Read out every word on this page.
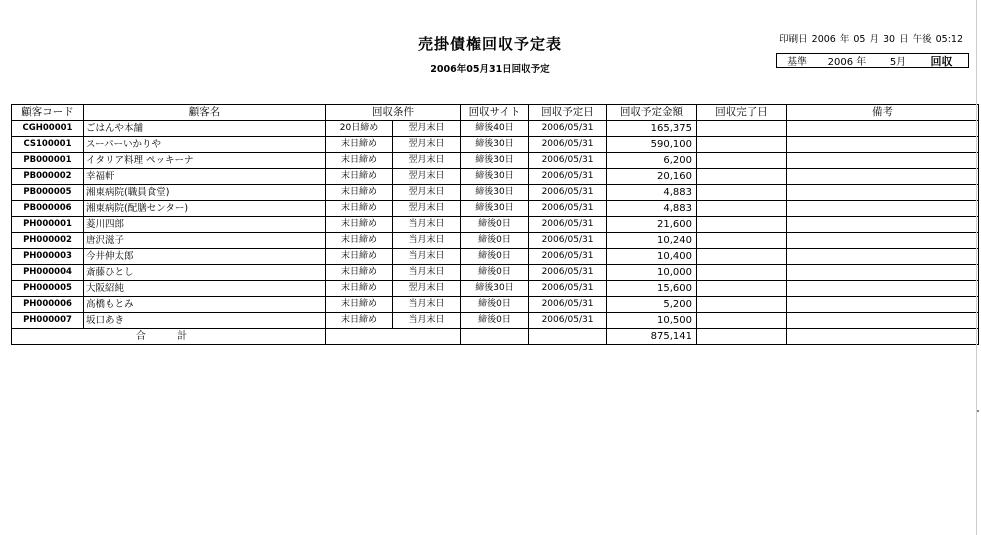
売掛債権回収予定表
2006年05月31日回収予定
印刷日 2006 年 05 月 30 日 午後 05:12
基準	2006 年	5月	回収
顧客コード	顧客名	回収条件		回収サイト	回収予定日	回収予定金額	回収完了日	備考
CGH00001	ごはんや本舗	20日締め	翌月末日	締後40日	2006/05/31	165,375		
CS100001	スーパーいかりや	末日締め	翌月末日	締後30日	2006/05/31	590,100		
PB000001	イタリア料理 ペッキーナ	末日締め	翌月末日	締後30日	2006/05/31	6,200		
PB000002	幸福軒	末日締め	翌月末日	締後30日	2006/05/31	20,160		
PB000005	湘東病院(職員食堂)	末日締め	翌月末日	締後30日	2006/05/31	4,883		
PB000006	湘東病院(配膳センター)	末日締め	翌月末日	締後30日	2006/05/31	4,883		
PH000001	菱川四郎	末日締め	当月末日	締後0日	2006/05/31	21,600		
PH000002	唐沢滋子	末日締め	当月末日	締後0日	2006/05/31	10,240		
PH000003	今井伸太郎	末日締め	当月末日	締後0日	2006/05/31	10,400		
PH000004	斎藤ひとし	末日締め	当月末日	締後0日	2006/05/31	10,000		
PH000005	大阪紹純	末日締め	翌月末日	締後30日	2006/05/31	15,600		
PH000006	高橋もとみ	末日締め	当月末日	締後0日	2006/05/31	5,200		
PH000007	坂口あき	末日締め	当月末日	締後0日	2006/05/31	10,500		
合 計						875,141		
